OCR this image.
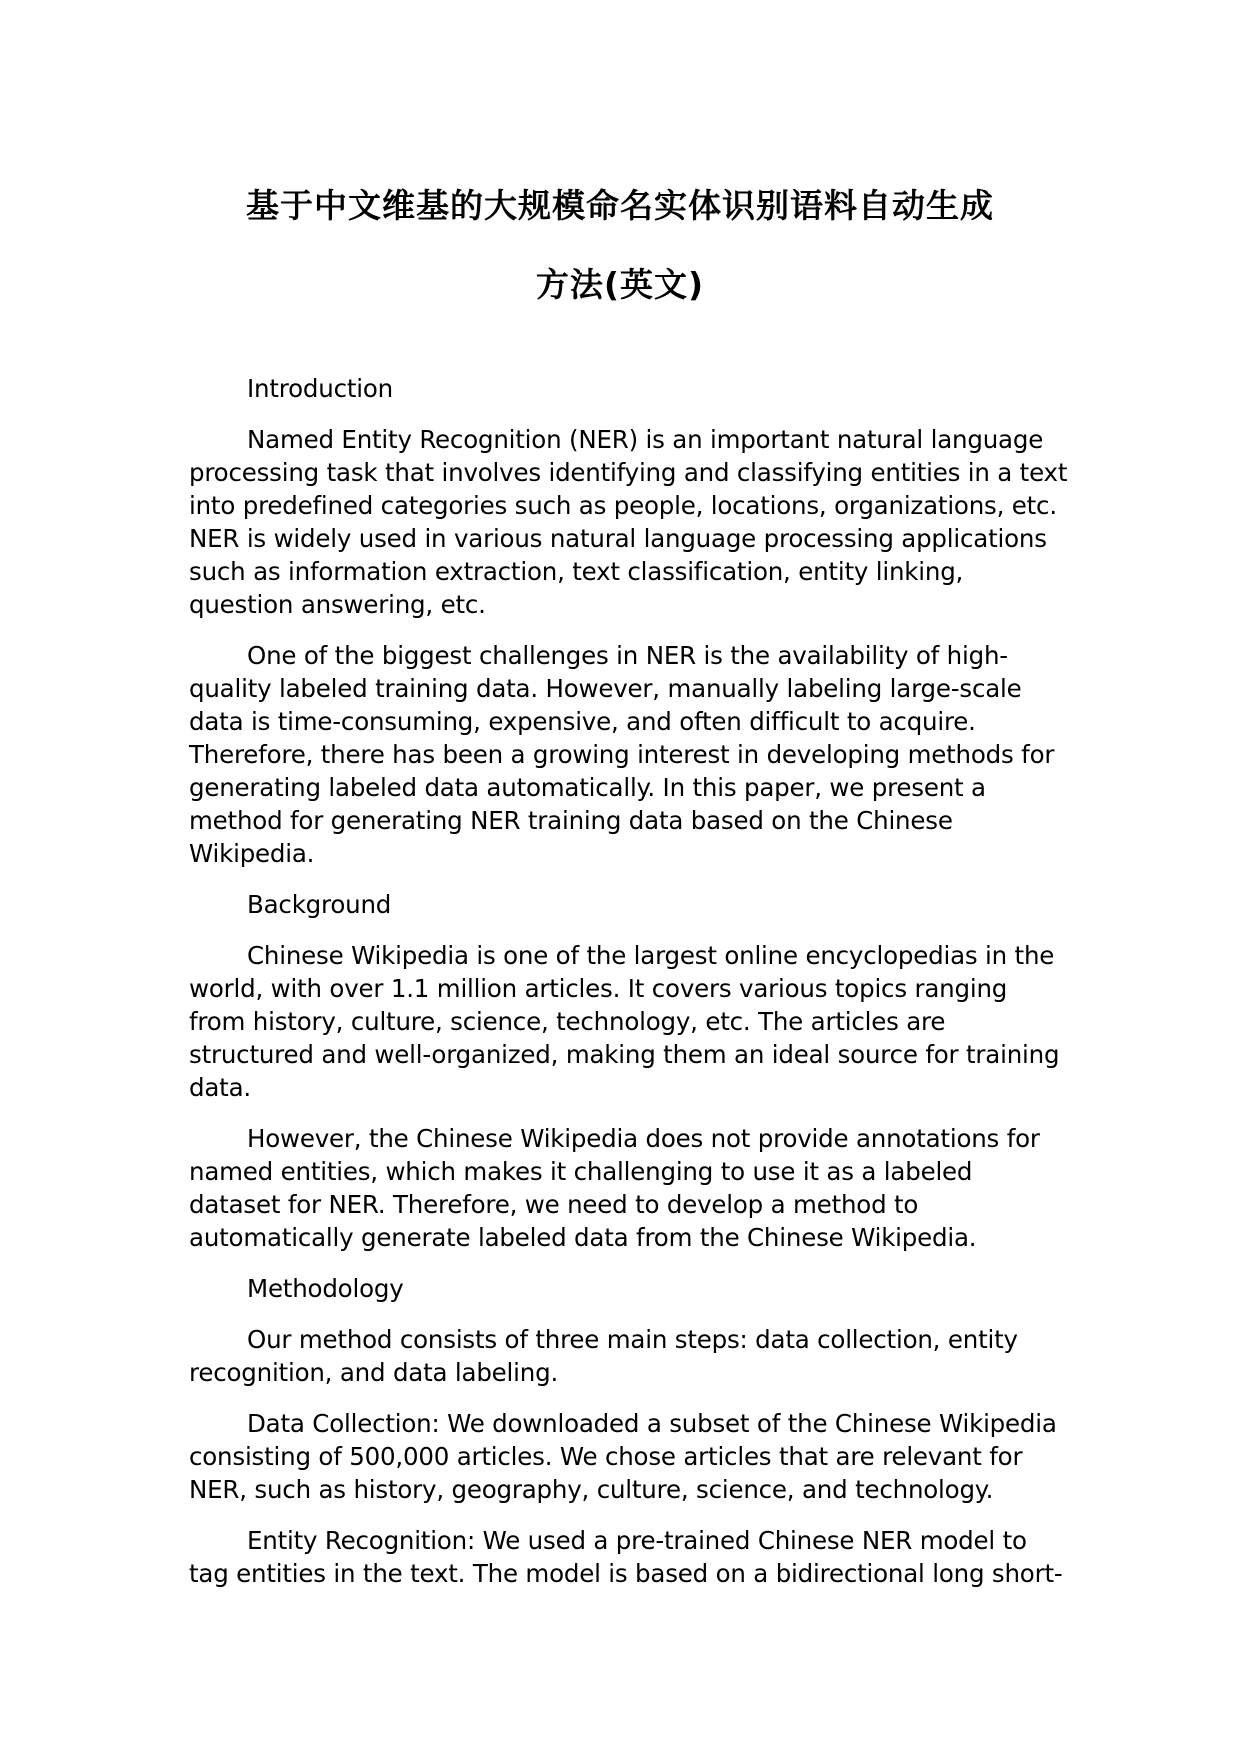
基于中文维基的大规模命名实体识别语料自动生成
方法(英文)

Introduction

Named Entity Recognition (NER) is an important natural language processing task that involves identifying and classifying entities in a text into predefined categories such as people, locations, organizations, etc. NER is widely used in various natural language processing applications such as information extraction, text classification, entity linking, question answering, etc.

One of the biggest challenges in NER is the availability of high-quality labeled training data. However, manually labeling large-scale data is time-consuming, expensive, and often difficult to acquire. Therefore, there has been a growing interest in developing methods for generating labeled data automatically. In this paper, we present a method for generating NER training data based on the Chinese Wikipedia.

Background

Chinese Wikipedia is one of the largest online encyclopedias in the world, with over 1.1 million articles. It covers various topics ranging from history, culture, science, technology, etc. The articles are structured and well-organized, making them an ideal source for training data.

However, the Chinese Wikipedia does not provide annotations for named entities, which makes it challenging to use it as a labeled dataset for NER. Therefore, we need to develop a method to automatically generate labeled data from the Chinese Wikipedia.

Methodology

Our method consists of three main steps: data collection, entity recognition, and data labeling.

Data Collection: We downloaded a subset of the Chinese Wikipedia consisting of 500,000 articles. We chose articles that are relevant for NER, such as history, geography, culture, science, and technology.

Entity Recognition: We used a pre-trained Chinese NER model to tag entities in the text. The model is based on a bidirectional long short-
